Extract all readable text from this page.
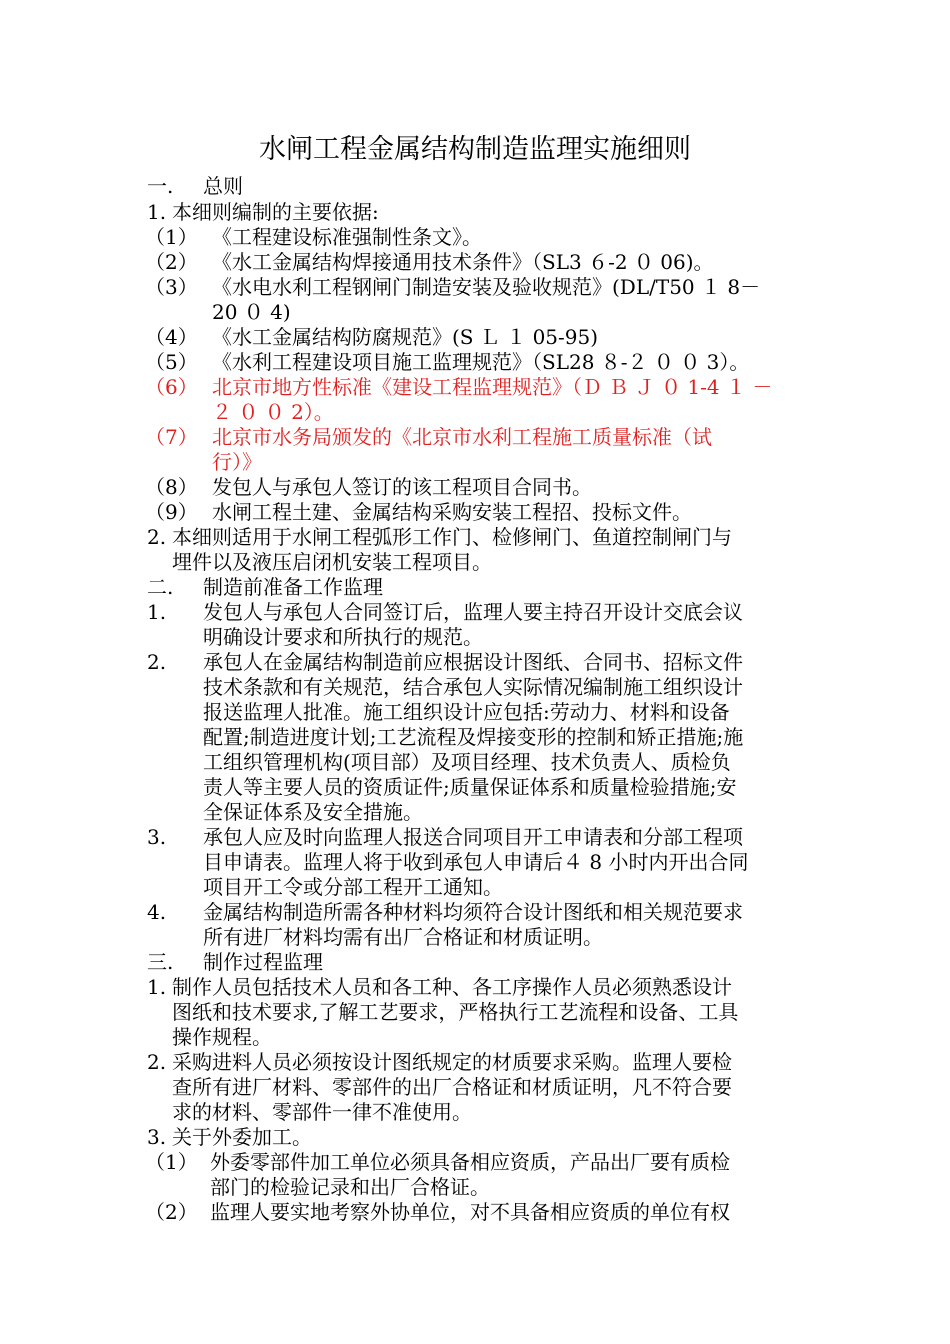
水闸工程金属结构制造监理实施细则
一. 总则
1. 本细则编制的主要依据:
（1） 《工程建设标准强制性条文》。
（2） 《水工金属结构焊接通用技术条件》（SL3 ６-2 ０ 06)。
（3） 《水电水利工程钢闸门制造安装及验收规范》(DL/T50 １ 8－
20 ０ 4)
（4） 《水工金属结构防腐规范》(S Ｌ １ 05-95)
（5） 《水利工程建设项目施工监理规范》（SL28 ８-２ ０ ０ 3）。
（6） 北京市地方性标准《建设工程监理规范》（Ｄ Ｂ Ｊ ０ 1-4 １ －
２ ０ ０ 2）。
（7） 北京市水务局颁发的《北京市水利工程施工质量标准（试
行）》
（8） 发包人与承包人签订的该工程项目合同书。
（9） 水闸工程土建、金属结构采购安装工程招、投标文件。
2. 本细则适用于水闸工程弧形工作门、检修闸门、鱼道控制闸门与
埋件以及液压启闭机安装工程项目。
二. 制造前准备工作监理
1. 发包人与承包人合同签订后，监理人要主持召开设计交底会议
明确设计要求和所执行的规范。
2. 承包人在金属结构制造前应根据设计图纸、合同书、招标文件
技术条款和有关规范，结合承包人实际情况编制施工组织设计
报送监理人批准。施工组织设计应包括:劳动力、材料和设备
配置;制造进度计划;工艺流程及焊接变形的控制和矫正措施;施
工组织管理机构(项目部）及项目经理、技术负责人、质检负
责人等主要人员的资质证件;质量保证体系和质量检验措施;安
全保证体系及安全措施。
3. 承包人应及时向监理人报送合同项目开工申请表和分部工程项
目申请表。监理人将于收到承包人申请后４ 8 小时内开出合同
项目开工令或分部工程开工通知。
4. 金属结构制造所需各种材料均须符合设计图纸和相关规范要求
所有进厂材料均需有出厂合格证和材质证明。
三. 制作过程监理
1. 制作人员包括技术人员和各工种、各工序操作人员必须熟悉设计
图纸和技术要求,了解工艺要求，严格执行工艺流程和设备、工具
操作规程。
2. 采购进料人员必须按设计图纸规定的材质要求采购。监理人要检
查所有进厂材料、零部件的出厂合格证和材质证明，凡不符合要
求的材料、零部件一律不准使用。
3. 关于外委加工。
（1） 外委零部件加工单位必须具备相应资质，产品出厂要有质检
部门的检验记录和出厂合格证。
（2） 监理人要实地考察外协单位，对不具备相应资质的单位有权
